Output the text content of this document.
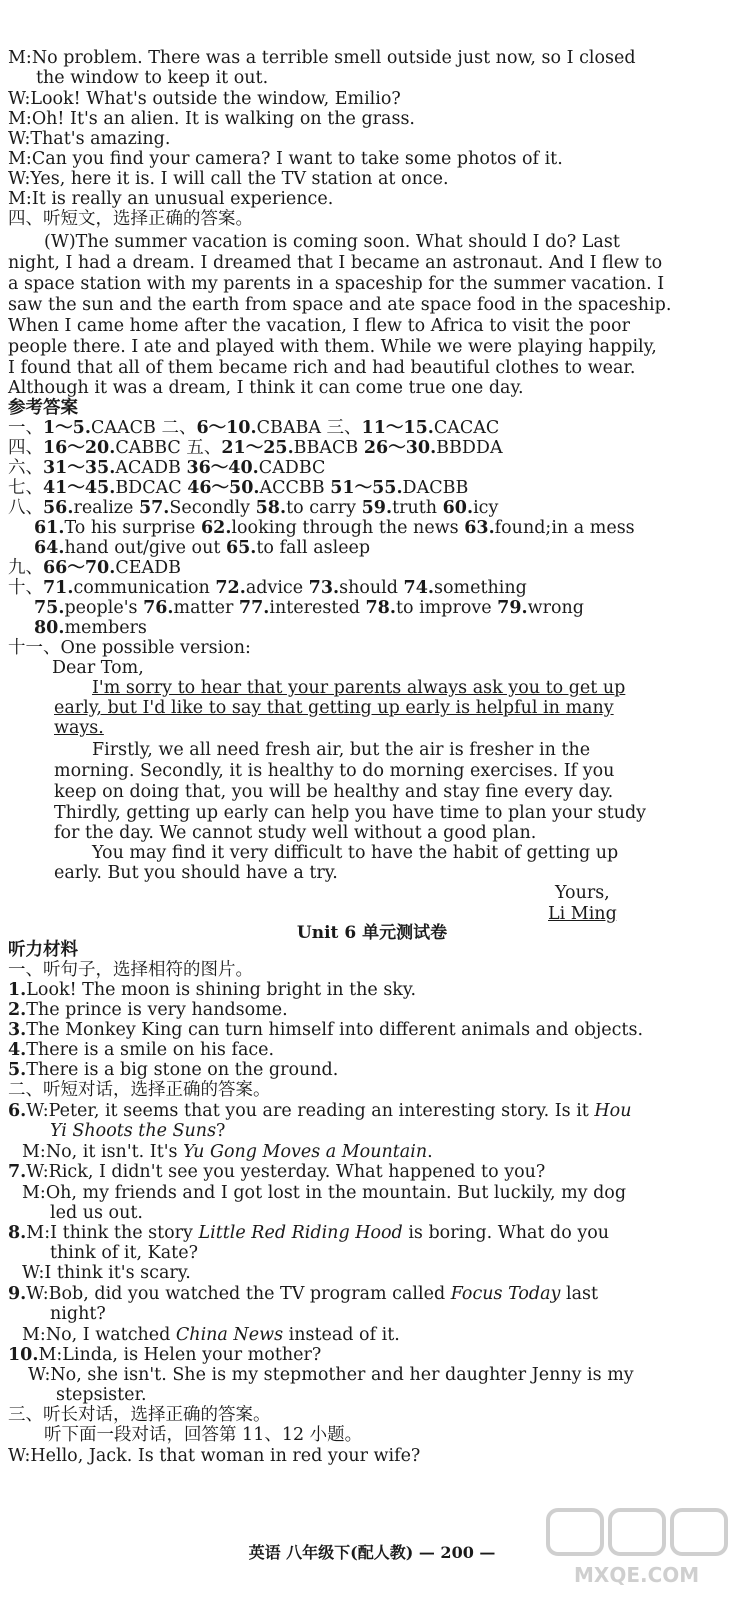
M:No problem. There was a terrible smell outside just now, so I closed
the window to keep it out.
W:Look! What's outside the window, Emilio?
M:Oh! It's an alien. It is walking on the grass.
W:That's amazing.
M:Can you find your camera? I want to take some photos of it.
W:Yes, here it is. I will call the TV station at once.
M:It is really an unusual experience.
四、听短文，选择正确的答案。
(W)The summer vacation is coming soon. What should I do? Last
night, I had a dream. I dreamed that I became an astronaut. And I flew to
a space station with my parents in a spaceship for the summer vacation. I
saw the sun and the earth from space and ate space food in the spaceship.
When I came home after the vacation, I flew to Africa to visit the poor
people there. I ate and played with them. While we were playing happily,
I found that all of them became rich and had beautiful clothes to wear.
Although it was a dream, I think it can come true one day.
参考答案
一、1～5.CAACB 二、6～10.CBABA 三、11～15.CACAC
四、16～20.CABBC 五、21～25.BBACB 26～30.BBDDA
六、31～35.ACADB 36～40.CADBC
七、41～45.BDCAC 46～50.ACCBB 51～55.DACBB
八、56.realize 57.Secondly 58.to carry 59.truth 60.icy
61.To his surprise 62.looking through the news 63.found;in a mess
64.hand out/give out 65.to fall asleep
九、66～70.CEADB
十、71.communication 72.advice 73.should 74.something
75.people's 76.matter 77.interested 78.to improve 79.wrong
80.members
十一、One possible version:
Dear Tom,
I'm sorry to hear that your parents always ask you to get up
early, but I'd like to say that getting up early is helpful in many
ways.
Firstly, we all need fresh air, but the air is fresher in the
morning. Secondly, it is healthy to do morning exercises. If you
keep on doing that, you will be healthy and stay fine every day.
Thirdly, getting up early can help you have time to plan your study
for the day. We cannot study well without a good plan.
You may find it very difficult to have the habit of getting up
early. But you should have a try.
Yours,
Li Ming
Unit 6 单元测试卷
听力材料
一、听句子，选择相符的图片。
1.Look! The moon is shining bright in the sky.
2.The prince is very handsome.
3.The Monkey King can turn himself into different animals and objects.
4.There is a smile on his face.
5.There is a big stone on the ground.
二、听短对话，选择正确的答案。
6.W:Peter, it seems that you are reading an interesting story. Is it Hou
Yi Shoots the Suns?
M:No, it isn't. It's Yu Gong Moves a Mountain.
7.W:Rick, I didn't see you yesterday. What happened to you?
M:Oh, my friends and I got lost in the mountain. But luckily, my dog
led us out.
8.M:I think the story Little Red Riding Hood is boring. What do you
think of it, Kate?
W:I think it's scary.
9.W:Bob, did you watched the TV program called Focus Today last
night?
M:No, I watched China News instead of it.
10.M:Linda, is Helen your mother?
W:No, she isn't. She is my stepmother and her daughter Jenny is my
stepsister.
三、听长对话，选择正确的答案。
听下面一段对话，回答第 11、12 小题。
W:Hello, Jack. Is that woman in red your wife?
英语 八年级下(配人教) — 200 —
MXQE.COM
